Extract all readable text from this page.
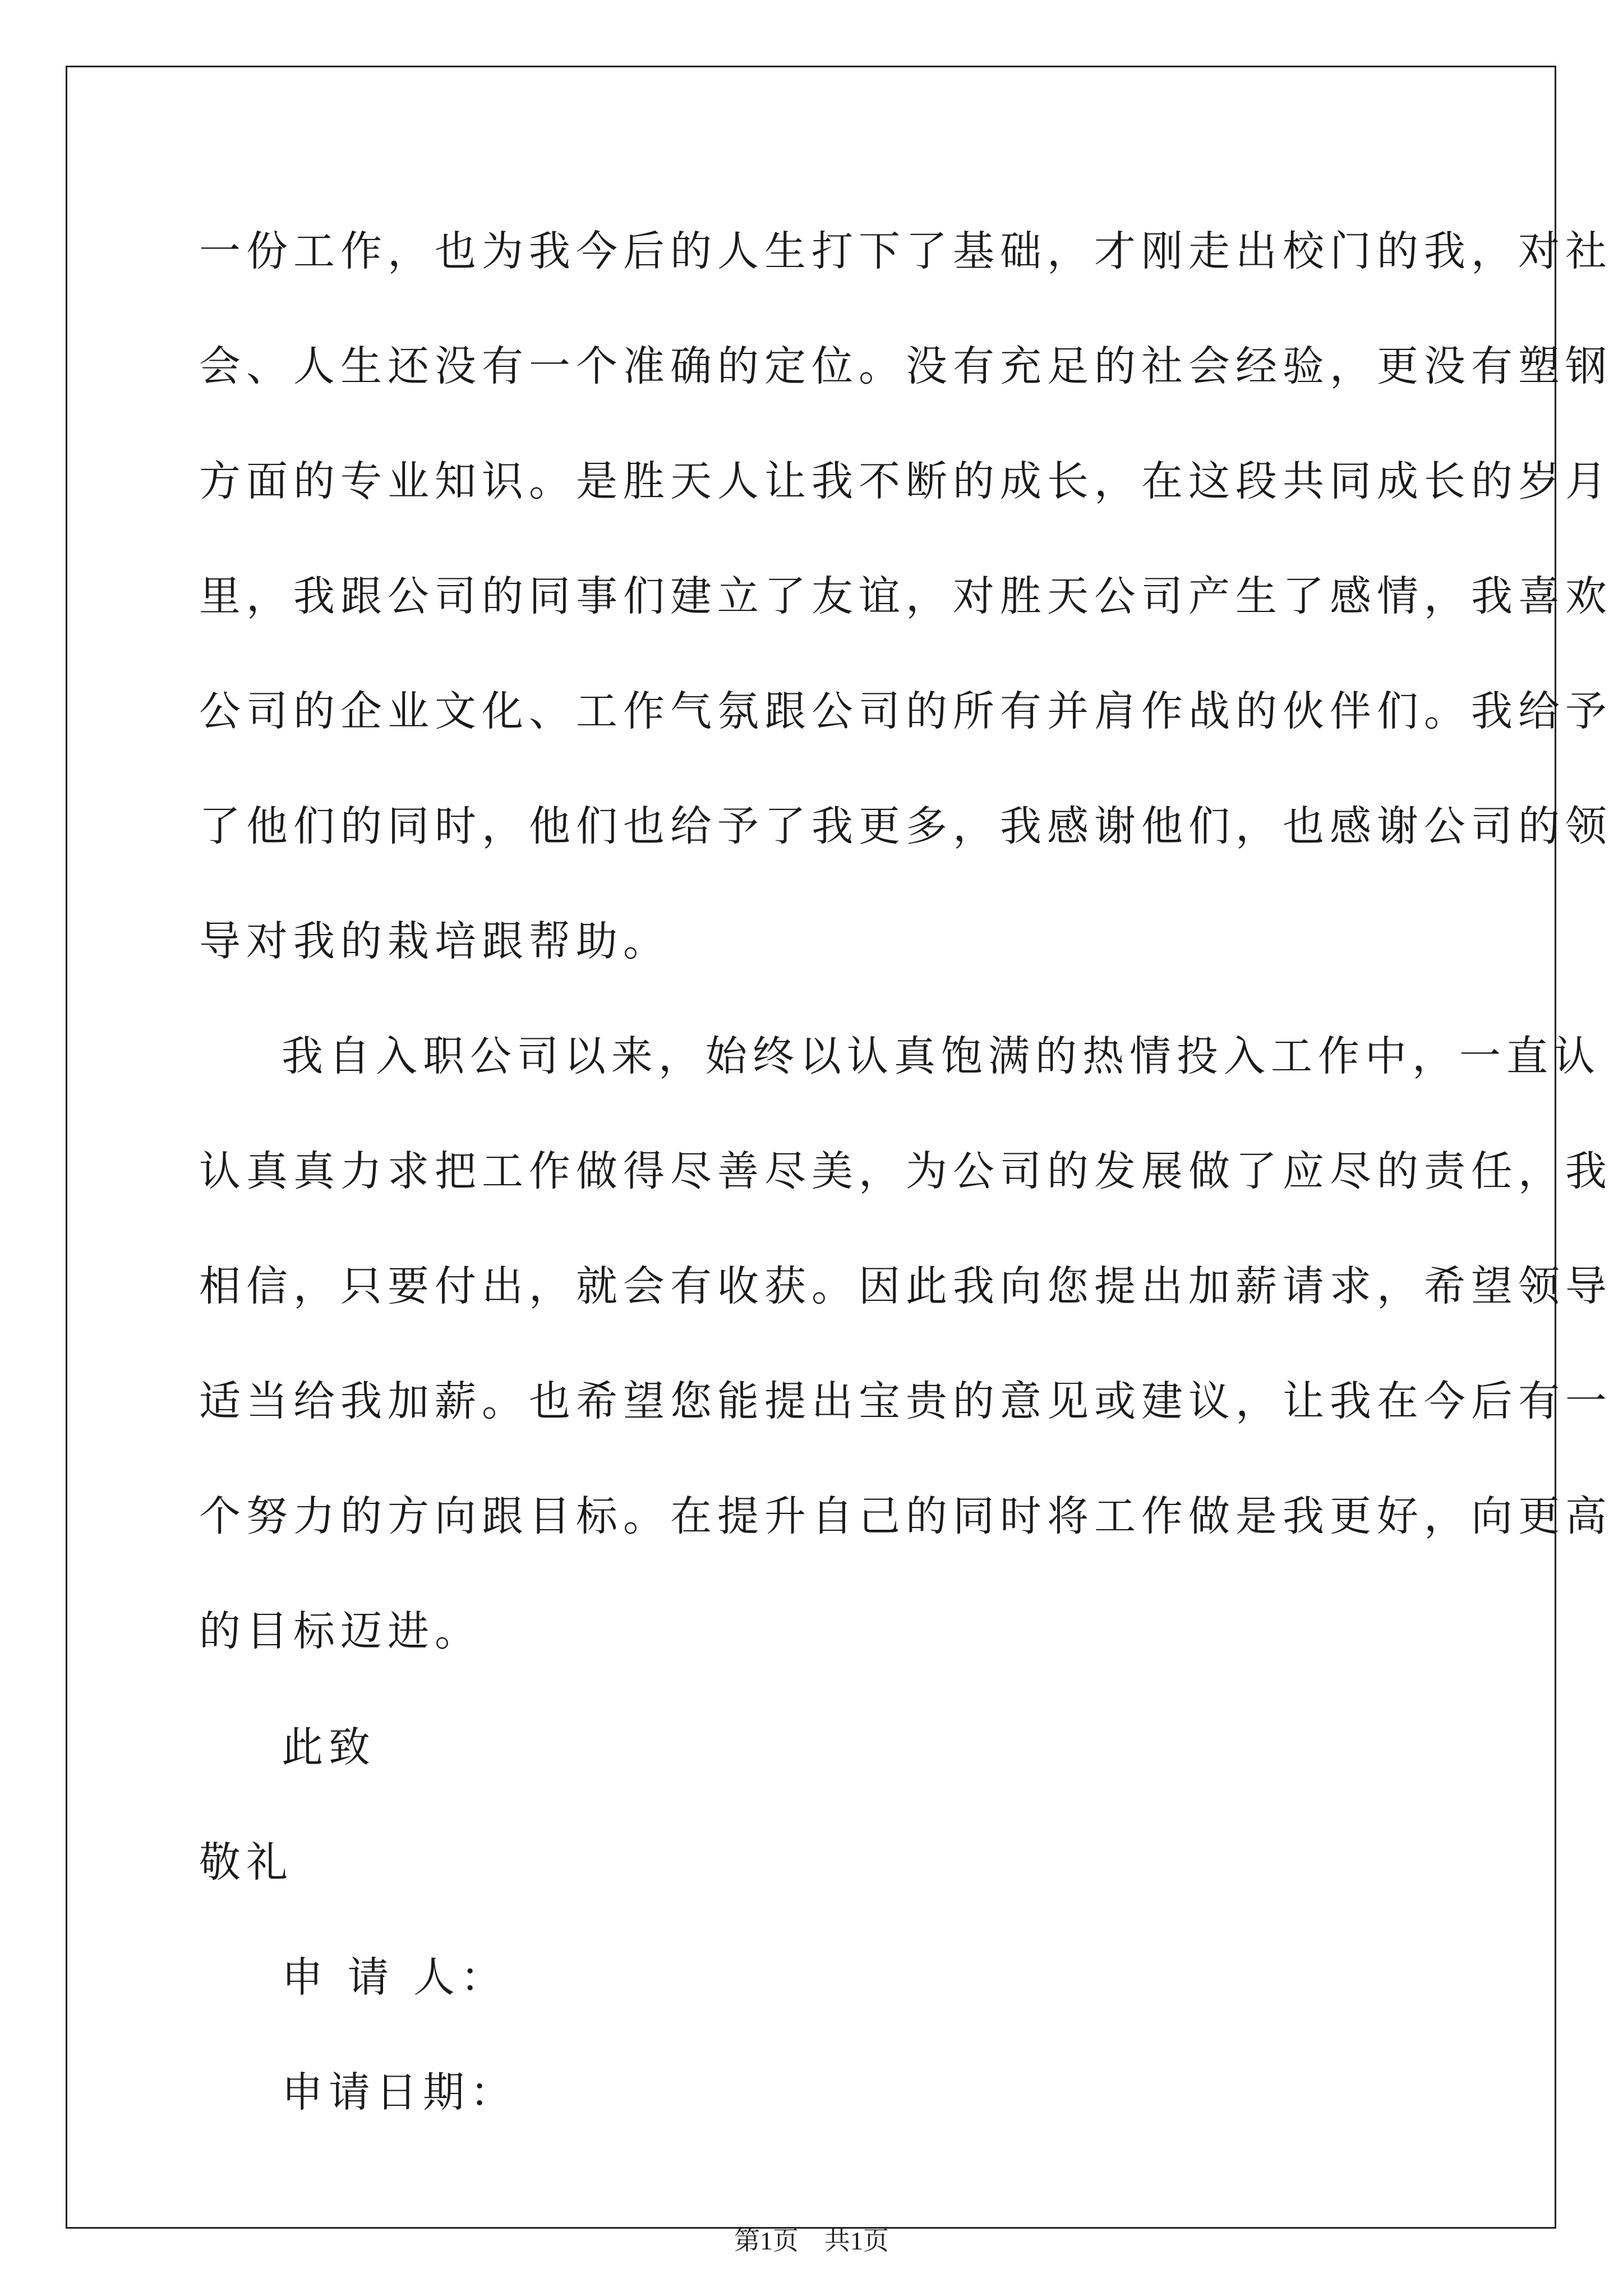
一份工作，也为我今后的人生打下了基础，才刚走出校门的我，对社
会、人生还没有一个准确的定位。没有充足的社会经验，更没有塑钢
方面的专业知识。是胜天人让我不断的成长，在这段共同成长的岁月
里，我跟公司的同事们建立了友谊，对胜天公司产生了感情，我喜欢
公司的企业文化、工作气氛跟公司的所有并肩作战的伙伴们。我给予
了他们的同时，他们也给予了我更多，我感谢他们，也感谢公司的领
导对我的栽培跟帮助。
我自入职公司以来，始终以认真饱满的热情投入工作中，一直认
认真真力求把工作做得尽善尽美，为公司的发展做了应尽的责任，我
相信，只要付出，就会有收获。因此我向您提出加薪请求，希望领导
适当给我加薪。也希望您能提出宝贵的意见或建议，让我在今后有一
个努力的方向跟目标。在提升自己的同时将工作做是我更好，向更高
的目标迈进。
此致
敬礼
申 请 人：
申请日期：
第1页　共1页
